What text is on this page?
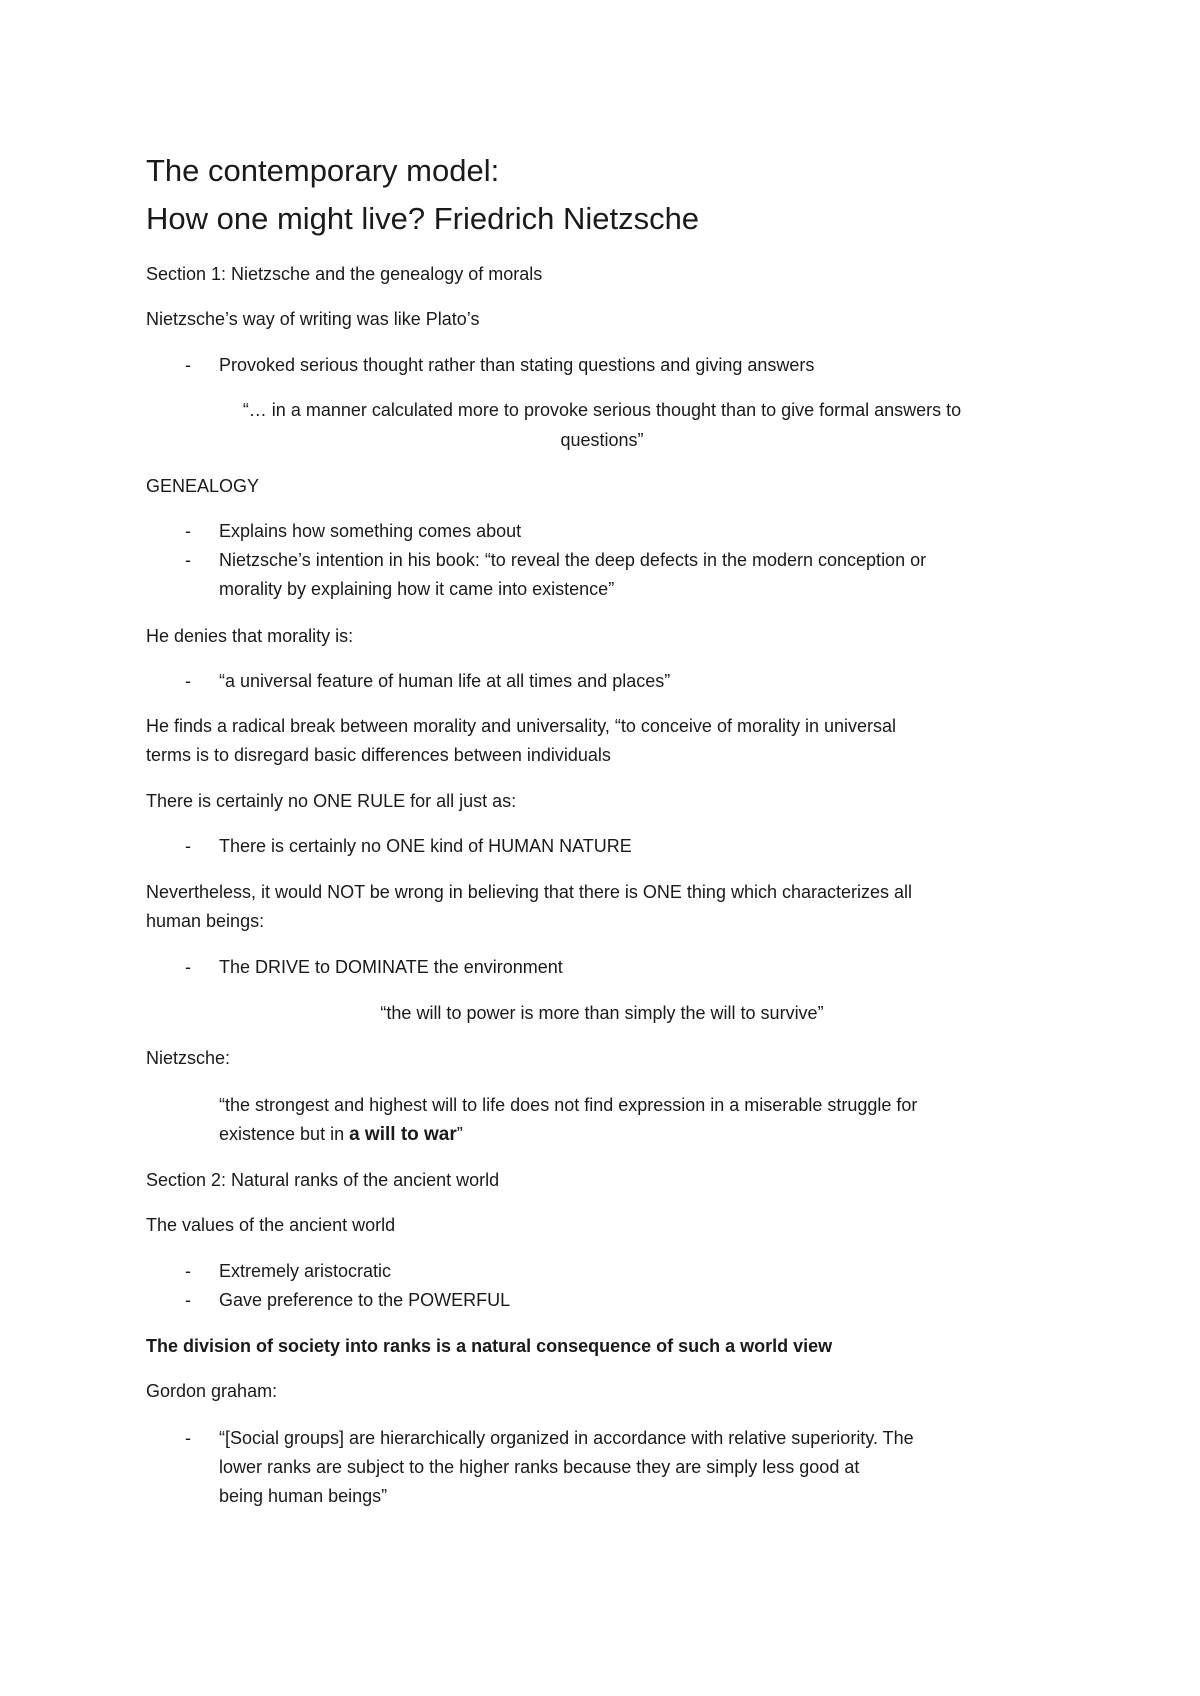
The contemporary model:
How one might live? Friedrich Nietzsche

Section 1: Nietzsche and the genealogy of morals

Nietzsche’s way of writing was like Plato’s

- Provoked serious thought rather than stating questions and giving answers

“… in a manner calculated more to provoke serious thought than to give formal answers to

questions”

GENEALOGY

- Explains how something comes about

- Nietzsche’s intention in his book: “to reveal the deep defects in the modern conception or

morality by explaining how it came into existence”

He denies that morality is:

- “a universal feature of human life at all times and places”

He finds a radical break between morality and universality, “to conceive of morality in universal

terms is to disregard basic differences between individuals

There is certainly no ONE RULE for all just as:

- There is certainly no ONE kind of HUMAN NATURE

Nevertheless, it would NOT be wrong in believing that there is ONE thing which characterizes all

human beings:

- The DRIVE to DOMINATE the environment

“the will to power is more than simply the will to survive”

Nietzsche:

“the strongest and highest will to life does not find expression in a miserable struggle for

existence but in a will to war”

Section 2: Natural ranks of the ancient world

The values of the ancient world

- Extremely aristocratic

- Gave preference to the POWERFUL

The division of society into ranks is a natural consequence of such a world view

Gordon graham:

- “[Social groups] are hierarchically organized in accordance with relative superiority. The

lower ranks are subject to the higher ranks because they are simply less good at

being human beings”
